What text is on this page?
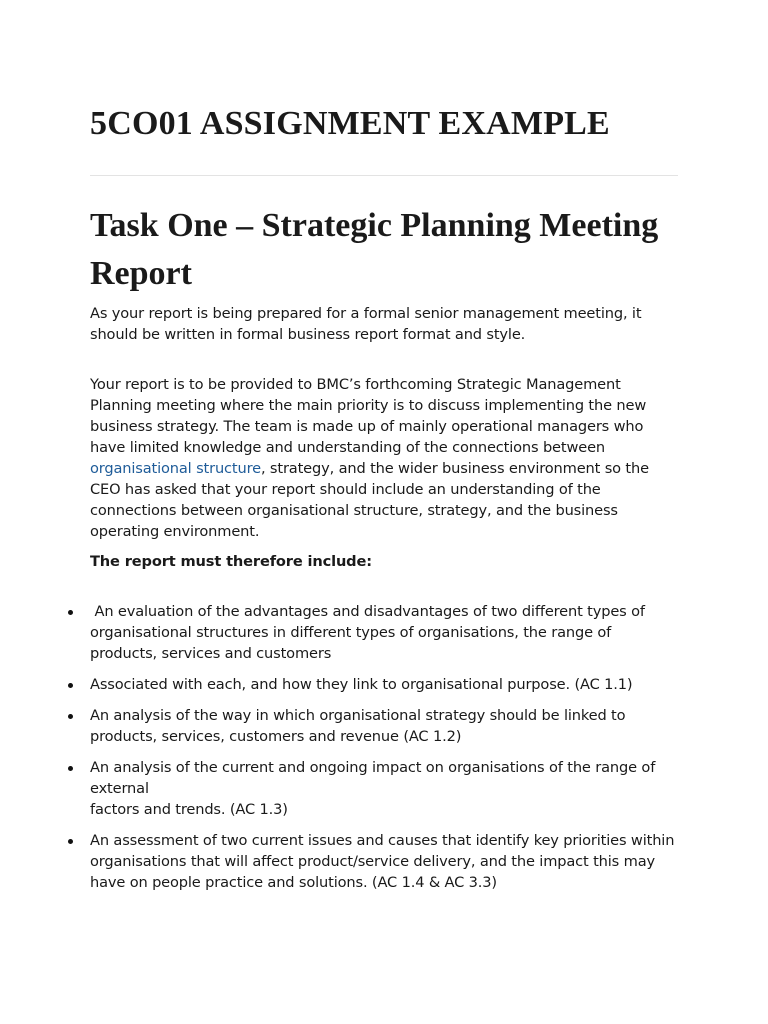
5CO01 ASSIGNMENT EXAMPLE
Task One – Strategic Planning Meeting Report

As your report is being prepared for a formal senior management meeting, it should be written in formal business report format and style.

Your report is to be provided to BMC’s forthcoming Strategic Management Planning meeting where the main priority is to discuss implementing the new business strategy. The team is made up of mainly operational managers who have limited knowledge and understanding of the connections between organisational structure, strategy, and the wider business environment so the CEO has asked that your report should include an understanding of the connections between organisational structure, strategy, and the business operating environment.

The report must therefore include:

An evaluation of the advantages and disadvantages of two different types of organisational structures in different types of organisations, the range of products, services and customers
Associated with each, and how they link to organisational purpose. (AC 1.1)
An analysis of the way in which organisational strategy should be linked to products, services, customers and revenue (AC 1.2)
An analysis of the current and ongoing impact on organisations of the range of external
factors and trends. (AC 1.3)
An assessment of two current issues and causes that identify key priorities within organisations that will affect product/service delivery, and the impact this may have on people practice and solutions. (AC 1.4 & AC 3.3)
